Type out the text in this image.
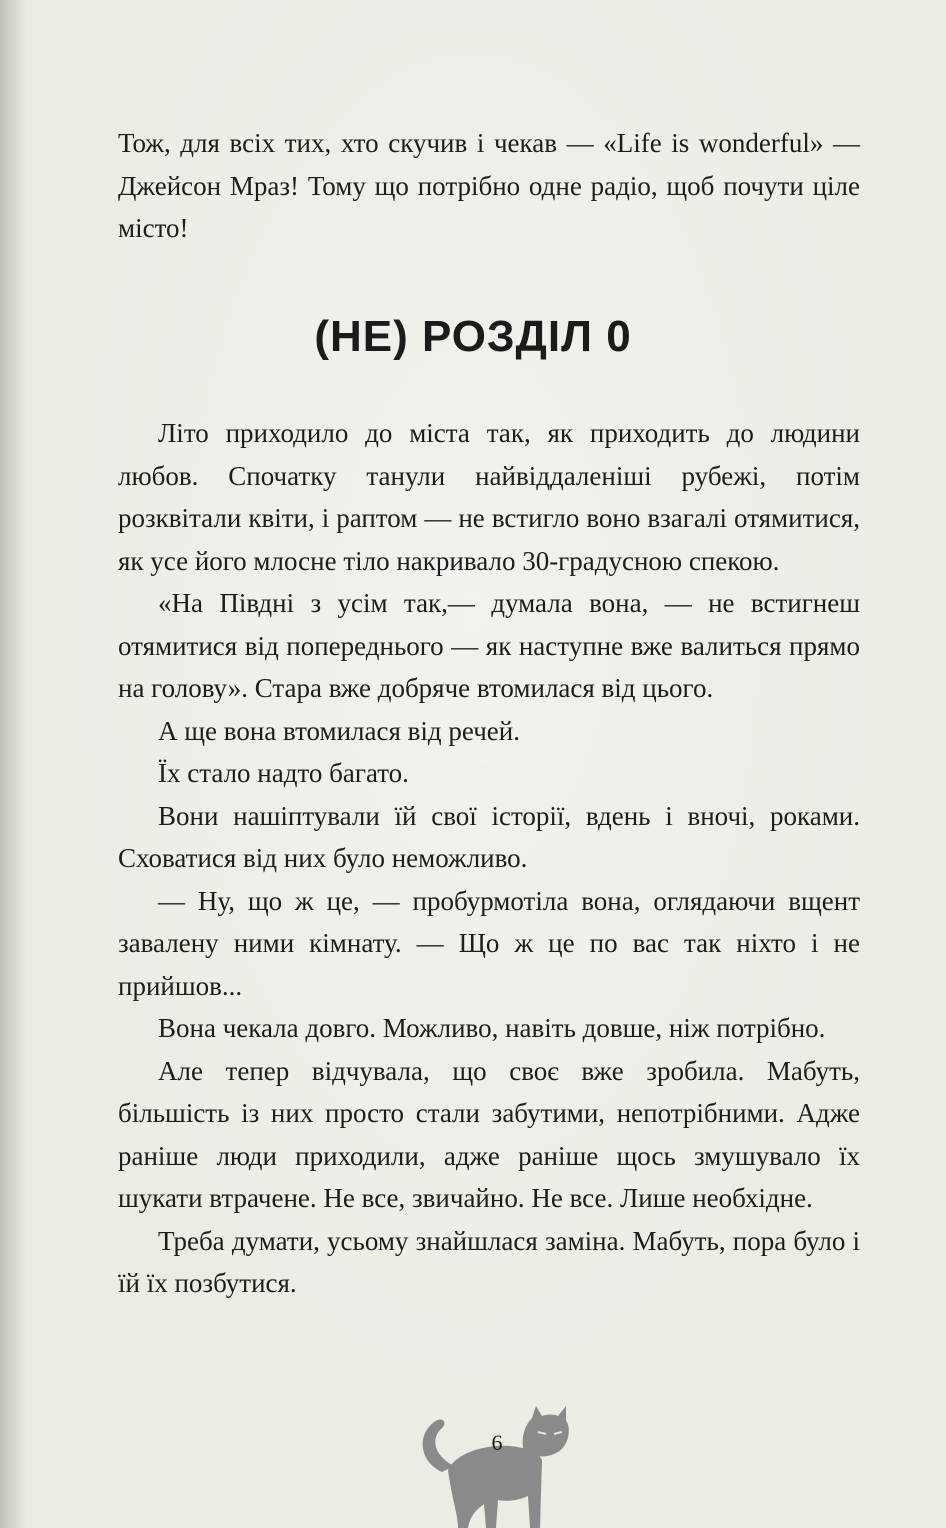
Тож, для всіх тих, хто скучив і чекав — «Life is wonderful» — Джейсон Мраз! Тому що потрібно одне радіо, щоб почути ціле місто!

(НЕ) РОЗДІЛ 0

Літо приходило до міста так, як приходить до людини любов. Спочатку танули найвіддаленіші рубежі, потім розквітали квіти, і раптом — не встигло воно взагалі отямитися, як усе його млосне тіло накривало 30-градусною спекою.

«На Півдні з усім так,— думала вона, — не встигнеш отямитися від попереднього — як наступне вже валиться прямо на голову». Стара вже добряче втомилася від цього.

А ще вона втомилася від речей.

Їх стало надто багато.

Вони нашіптували їй свої історії, вдень і вночі, роками. Сховатися від них було неможливо.

— Ну, що ж це, — пробурмотіла вона, оглядаючи вщент завалену ними кімнату. — Що ж це по вас так ніхто і не прийшов...

Вона чекала довго. Можливо, навіть довше, ніж потрібно.

Але тепер відчувала, що своє вже зробила. Мабуть, більшість із них просто стали забутими, непотрібними. Адже раніше люди приходили, адже раніше щось змушувало їх шукати втрачене. Не все, звичайно. Не все. Лише необхідне.

Треба думати, усьому знайшлася заміна. Мабуть, пора було і їй їх позбутися.

6
